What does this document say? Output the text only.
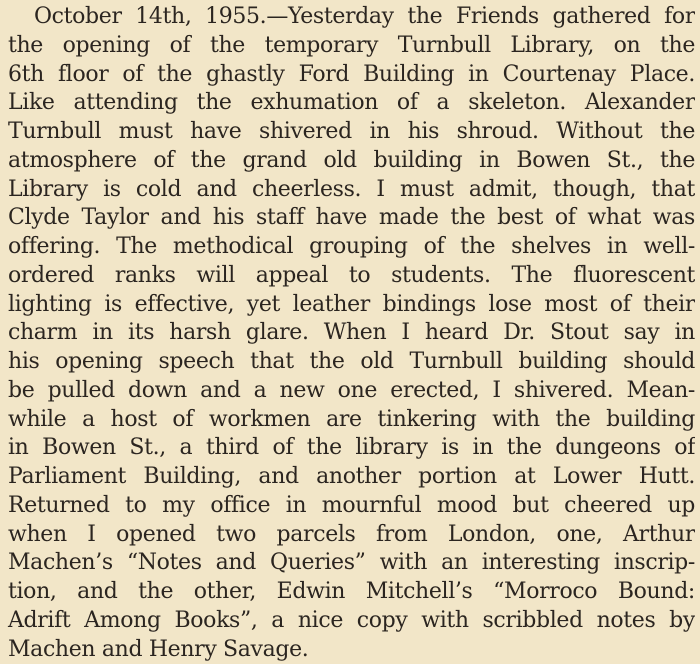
October 14th, 1955.—Yesterday the Friends gathered for
the opening of the temporary Turnbull Library, on the
6th floor of the ghastly Ford Building in Courtenay Place.
Like attending the exhumation of a skeleton. Alexander
Turnbull must have shivered in his shroud. Without the
atmosphere of the grand old building in Bowen St., the
Library is cold and cheerless. I must admit, though, that
Clyde Taylor and his staff have made the best of what was
offering. The methodical grouping of the shelves in well-
ordered ranks will appeal to students. The fluorescent
lighting is effective, yet leather bindings lose most of their
charm in its harsh glare. When I heard Dr. Stout say in
his opening speech that the old Turnbull building should
be pulled down and a new one erected, I shivered. Mean-
while a host of workmen are tinkering with the building
in Bowen St., a third of the library is in the dungeons of
Parliament Building, and another portion at Lower Hutt.
Returned to my office in mournful mood but cheered up
when I opened two parcels from London, one, Arthur
Machen’s “Notes and Queries” with an interesting inscrip-
tion, and the other, Edwin Mitchell’s “Morroco Bound:
Adrift Among Books”, a nice copy with scribbled notes by
Machen and Henry Savage.
